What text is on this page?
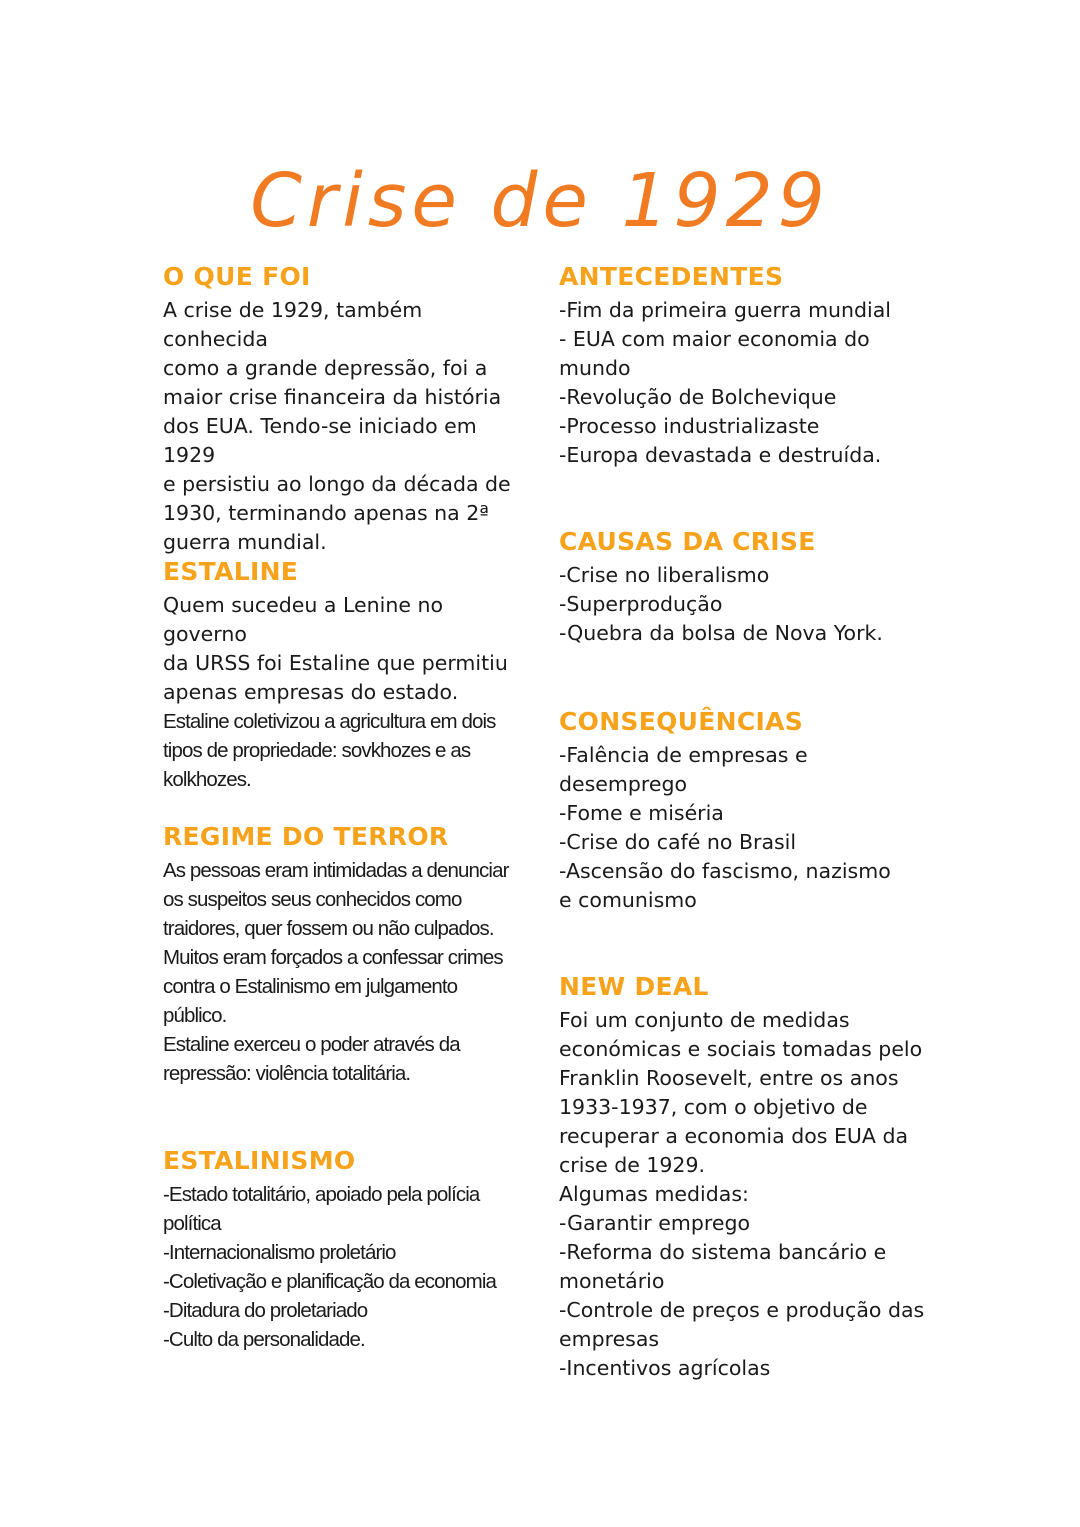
Crise de 1929
O QUE FOI

A crise de 1929, também conhecida
como a grande depressão, foi a
maior crise financeira da história
dos EUA. Tendo-se iniciado em 1929
e persistiu ao longo da década de
1930, terminando apenas na 2ª
guerra mundial.

ANTECEDENTES
-Fim da primeira guerra mundial
- EUA com maior economia do mundo
-Revolução de Bolchevique
-Processo industrializaste
-Europa devastada e destruída.
CAUSAS DA CRISE
-Crise no liberalismo
-Superprodução
-Quebra da bolsa de Nova York.
ESTALINE

Quem sucedeu a Lenine no governo
da URSS foi Estaline que permitiu
apenas empresas do estado.

Estaline coletivizou a agricultura em dois
tipos de propriedade: sovkhozes e as
kolkhozes.

CONSEQUÊNCIAS
-Falência de empresas e desemprego
-Fome e miséria
-Crise do café no Brasil
-Ascensão do fascismo, nazismo e comunismo
REGIME DO TERROR

As pessoas eram intimidadas a denunciar
os suspeitos seus conhecidos como
traidores, quer fossem ou não culpados.
Muitos eram forçados a confessar crimes
contra o Estalinismo em julgamento
público.
Estaline exerceu o poder através da
repressão: violência totalitária.

NEW DEAL

Foi um conjunto de medidas
económicas e sociais tomadas pelo
Franklin Roosevelt, entre os anos
1933-1937, com o objetivo de
recuperar a economia dos EUA da
crise de 1929.
Algumas medidas:

-Garantir emprego
-Reforma do sistema bancário e monetário
-Controle de preços e produção das empresas
-Incentivos agrícolas
ESTALINISMO
-Estado totalitário, apoiado pela polícia política
-Internacionalismo proletário
-Coletivação e planificação da economia
-Ditadura do proletariado
-Culto da personalidade.
